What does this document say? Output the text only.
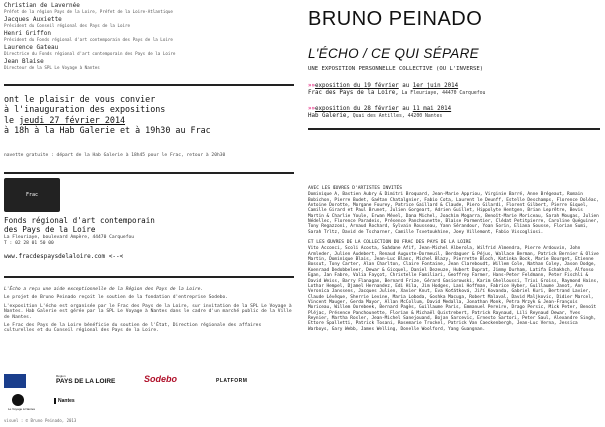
Christian de Lavernée
Préfet de la région Pays de la Loire, Préfet de la Loire-Atlantique
Jacques Auxiette
Président du Conseil régional des Pays de la Loire
Henri Griffon
Président du Fonds régional d'art contemporain des Pays de la Loire
Laurence Gateau
Directrice du Fonds régional d'art contemporain des Pays de la Loire
Jean Blaise
Directeur de la SPL Le Voyage à Nantes
ont le plaisir de vous convier
à l'inauguration des expositions
le jeudi 27 février 2014
à 18h à la Hab Galerie et à 19h30 au Frac
navette gratuite : départ de la Hab Galerie à 18h45 pour le Frac, retour à 20h30
Frac
Fonds régional d'art contemporain
des Pays de la Loire
La Fleuriaye, boulevard Ampère, 44470 Carquefou
T : 02 28 01 50 00
www.fracdespaysdelaloire.com <--<

L'Écho a reçu une aide exceptionnelle de la Région des Pays de la Loire.

Le projet de Bruno Peinado reçoit le soutien de la fondation d'entreprise Sodebo.

L'exposition L'écho est organisée par le Frac des Pays de la Loire, sur invitation de la SPL Le Voyage à Nantes. Hab Galerie est gérée par la SPL Le Voyage à Nantes dans le cadre d'un marché public de la Ville de Nantes.

Le Frac des Pays de la Loire bénéficie du soutien de l'État, Direction régionale des affaires culturelles et du Conseil régional des Pays de la Loire.

Région
PAYS DE LA LOIRE	Sodebo	PLATFORM
Le Voyage à Nantes
Nantes
visuel : © Bruno Peinado, 2013
BRUNO PEINADO
L'ÉCHO / CE QUI SÉPARE
UNE EXPOSITION PERSONNELLE COLLECTIVE (OU L'INVERSE)
»»exposition du 19 février au 1er juin 2014
Frac des Pays de la Loire, La Fleuriaye, 44470 Carquefou
»»exposition du 28 février au 11 mai 2014
Hab Galerie, Quai des Antilles, 44200 Nantes
AVEC LES ŒUVRES D'ARTISTES INVITÉS

Dominique A, Bastien Aubry & Dimitri Broquard, Jean-Marie Appriou, Virginie Barré, Anne Brégeaut, Romain Bobichon, Pierre Budet, Gaétan Chatalgnier, Fabio Cota, Laurent le Deunff, Estelle Deschamps, Florence Doléac, Antoine Dorotte, Morgane Fourey, Patrice Gaillard & Claude, Piero Gilardi, Florent Gilbert, Pierre Giquel, Camille Girard et Paul Brunet, Julien Gorgeart, Adrien Guillet, Hippolyte Hentgen, Brian Leprêtre, Bevis Martin & Charlie Youle, Erwan Mével, Dana Michel, Joachim Mogarra, Benoît-Marie Moriceau, Sarah Mougas, Julien Nédellec, Florence Paradeis, Présence Panchounette, Blaise Parmentier, Clédat Petitpierre, Caroline Quéguiner, Tony Regazzoni, Arnaud Rochard, Sylvain Rousseau, Yann Sérandour, Yoan Sorin, Eliana Sousse, Florian Sumi, Sarah Trltz, David de Tscharner, Camille Tsvetoukhine, Joey Villemont, Fabio Viscogliosi.

ET LES ŒUVRES DE LA COLLECTION DU FRAC DES PAYS DE LA LOIRE

Vito Acconci, Scoli Acosta, Saâdane Afif, Jean-Michel Alberola, Wilfrid Almendra, Pierre Ardouvin, John Armleder, Julien Audebert, Renaud Auguste-Dormeuil, Berdaguer & Péjus, Wallace Berman, Patrick Bernier & Olive Martin, Dominique Blais, Jean-Luc Blanc, Michel Blazy, Pierrette Bloch, Katinka Bock, Marie Bourget, Etienne Bossut, Tony Carter, Alan Charlton, Claire Fontaine, Jean Clareboudt, Willem Cole, Nathan Coley, Jason Dodge, Koenraad Dedobbeleer, Dewar & Gicquel, Daniel Dezeuze, Hubert Duprat, Jimmy Durham, Latifa Echakhch, Alfonso Egan, Jan Fabre, Valia Fayçot, Christelle Familiari, Geoffrey Farmer, Hans-Peter Feldmann, Peter Fischli & David Weiss, Barry Flanagan, Bernard Frize, Gérard Gasiorowski, Karim Ghelloussi, Trixi Groiss, Raymond Hains, Lothar Hempel, Djamel Hernandez, Edi Hila, Jim Hodges, Lani Hoffman, Fabrice Hyber, Guillaume Janot, Ann Veronica Janssens, Jacques Julien, Xavier Knut, Eva Koťátková, Jiří Kovanda, Gabriel Kuri, Bertrand Lavier, Claude Lévêque, Sherrie Levine, Maria Loboda, Goshka Macuga, Robert Malaval, David Maljkovic, Didier Marcel, Vincent Mauger, Gerda Mayor, Allan McCollum, David Medalla, Jonathan Monk, Petra Mrzyk & Jean-François Moriceau, Willem Oorebeek, Bernard Pagès, Guillaume Paris, Emmanuel Pereire, Drago Persic, Mick Peter, Benoît Pléjac, Présence Panchounette, Florian & Michaël Quistrebert, Patrick Raynaud, Lili Reynaud Dewar, Yves Reynier, Martha Rosler, Jean-Michel Sanejouand, Bojan Sarcevic, Ernesto Sartori, Peter Saul, Alexandre Singh, Ettore Spalletti, Patrick Tosani, Rosemarie Trockel, Patrick Van Caeckenbergh, Jean-Luc Verna, Jessica Warboys, Gary Webb, James Welling, Donelle Woolford, Yang Guangnan.
